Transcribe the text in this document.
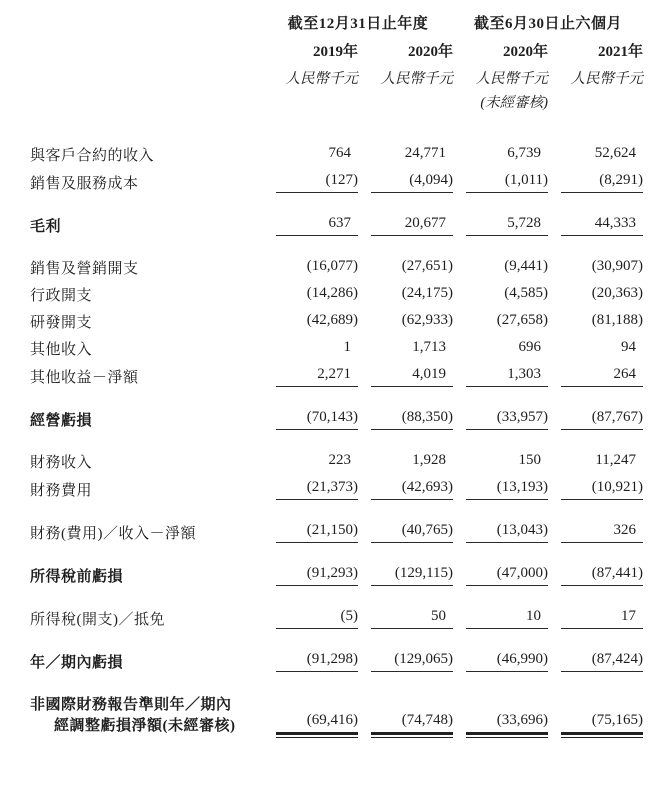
	截至12月31日止年度		截至6月30日止六個月	
	2019年	2020年	2020年	2021年
	人民幣千元	人民幣千元	人民幣千元	人民幣千元
			(未經審核)	

與客戶合約的收入	764	24,771	6,739	52,624

銷售及服務成本	(127)	(4,094)	(1,011)	(8,291)

毛利	637	20,677	5,728	44,333

銷售及營銷開支	(16,077)	(27,651)	(9,441)	(30,907)

行政開支	(14,286)	(24,175)	(4,585)	(20,363)

研發開支	(42,689)	(62,933)	(27,658)	(81,188)

其他收入	1	1,713	696	94

其他收益－淨額	2,271	4,019	1,303	264

經營虧損	(70,143)	(88,350)	(33,957)	(87,767)

財務收入	223	1,928	150	11,247

財務費用	(21,373)	(42,693)	(13,193)	(10,921)

財務(費用)／收入－淨額	(21,150)	(40,765)	(13,043)	326

所得稅前虧損	(91,293)	(129,115)	(47,000)	(87,441)

所得稅(開支)／抵免	(5)	50	10	17

年／期內虧損	(91,298)	(129,065)	(46,990)	(87,424)

非國際財務報告準則年／期內
經調整虧損淨額(未經審核)	(69,416)	(74,748)	(33,696)	(75,165)
